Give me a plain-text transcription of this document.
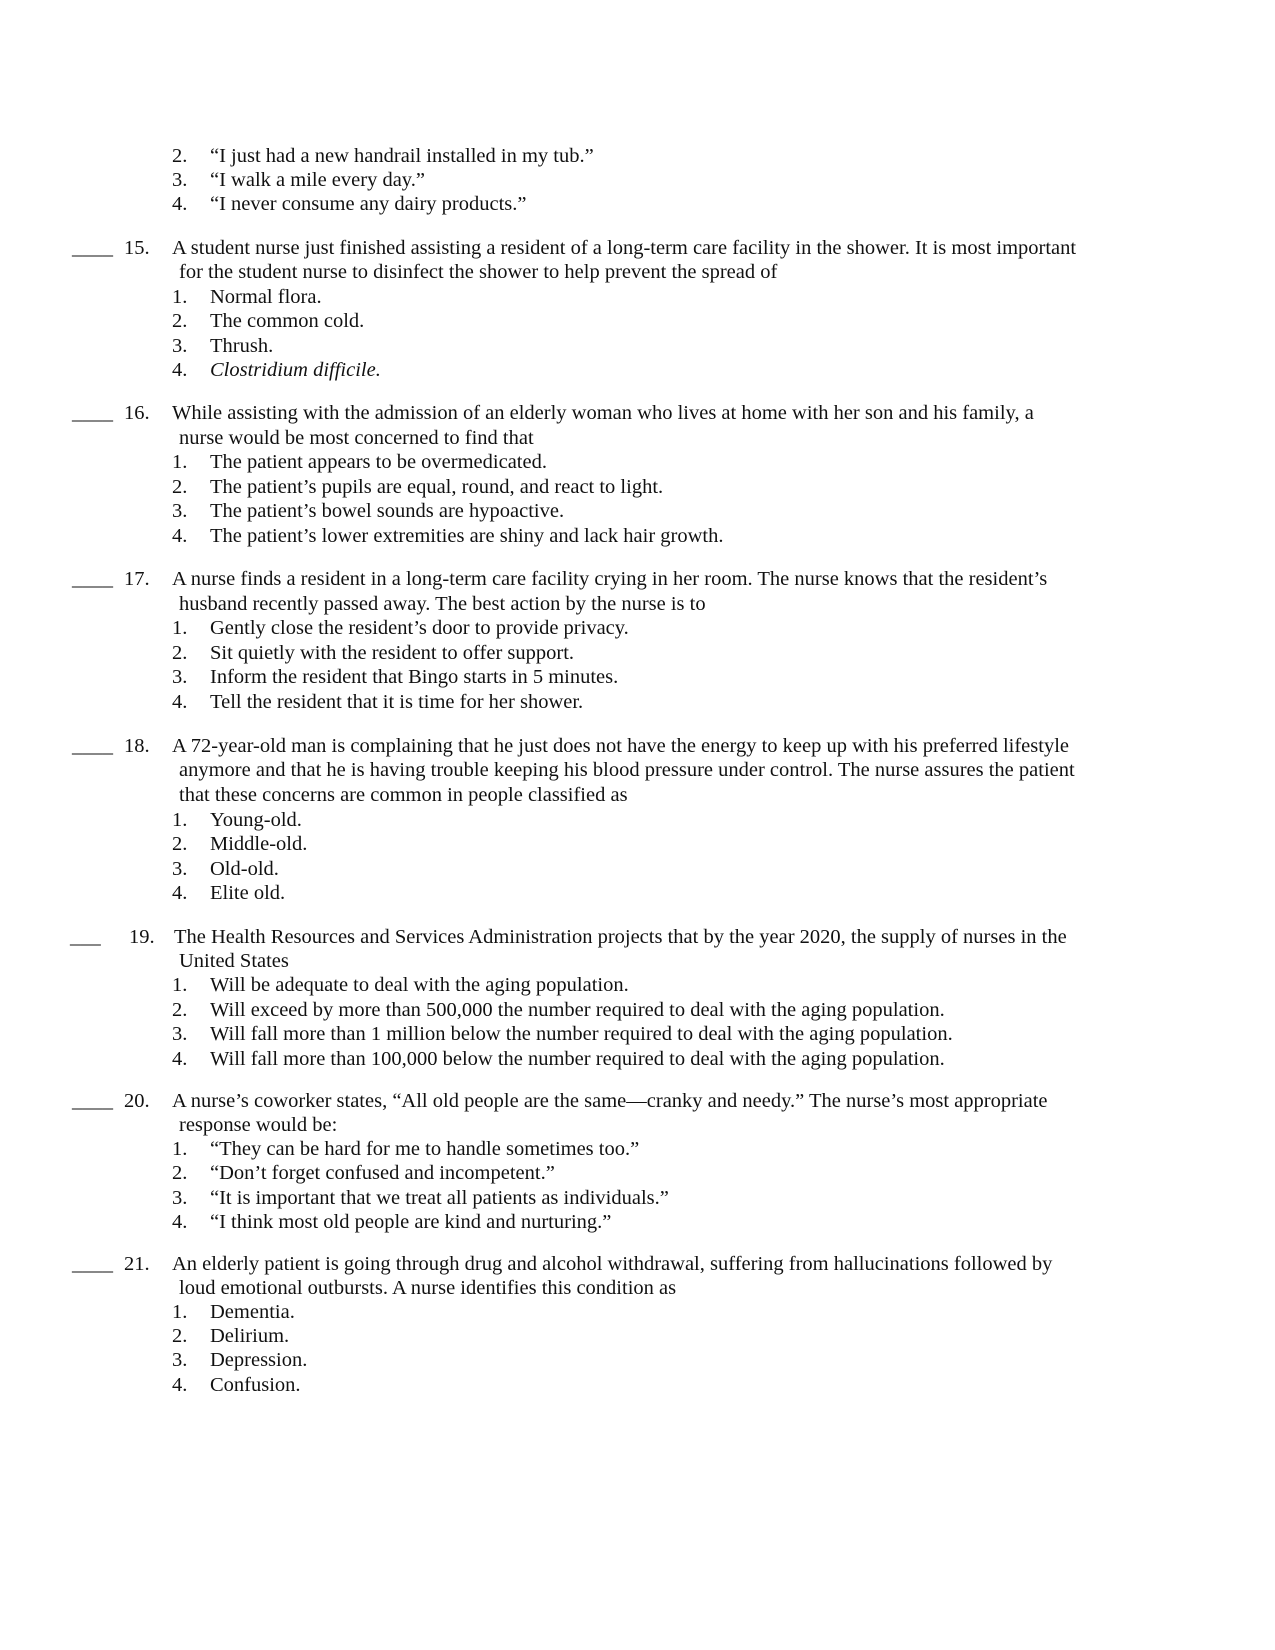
2. “I just had a new handrail installed in my tub.”
3. “I walk a mile every day.”
4. “I never consume any dairy products.”
____ 15. A student nurse just finished assisting a resident of a long-term care facility in the shower. It is most important
for the student nurse to disinfect the shower to help prevent the spread of
1. Normal flora.
2. The common cold.
3. Thrush.
4. Clostridium difficile.
____ 16. While assisting with the admission of an elderly woman who lives at home with her son and his family, a
nurse would be most concerned to find that
1. The patient appears to be overmedicated.
2. The patient’s pupils are equal, round, and react to light.
3. The patient’s bowel sounds are hypoactive.
4. The patient’s lower extremities are shiny and lack hair growth.
____ 17. A nurse finds a resident in a long-term care facility crying in her room. The nurse knows that the resident’s
husband recently passed away. The best action by the nurse is to
1. Gently close the resident’s door to provide privacy.
2. Sit quietly with the resident to offer support.
3. Inform the resident that Bingo starts in 5 minutes.
4. Tell the resident that it is time for her shower.
____ 18. A 72-year-old man is complaining that he just does not have the energy to keep up with his preferred lifestyle
anymore and that he is having trouble keeping his blood pressure under control. The nurse assures the patient
that these concerns are common in people classified as
1. Young-old.
2. Middle-old.
3. Old-old.
4. Elite old.
___ 19. The Health Resources and Services Administration projects that by the year 2020, the supply of nurses in the
United States
1. Will be adequate to deal with the aging population.
2. Will exceed by more than 500,000 the number required to deal with the aging population.
3. Will fall more than 1 million below the number required to deal with the aging population.
4. Will fall more than 100,000 below the number required to deal with the aging population.
____ 20. A nurse’s coworker states, “All old people are the same—cranky and needy.” The nurse’s most appropriate
response would be:
1. “They can be hard for me to handle sometimes too.”
2. “Don’t forget confused and incompetent.”
3. “It is important that we treat all patients as individuals.”
4. “I think most old people are kind and nurturing.”
____ 21. An elderly patient is going through drug and alcohol withdrawal, suffering from hallucinations followed by
loud emotional outbursts. A nurse identifies this condition as
1. Dementia.
2. Delirium.
3. Depression.
4. Confusion.
